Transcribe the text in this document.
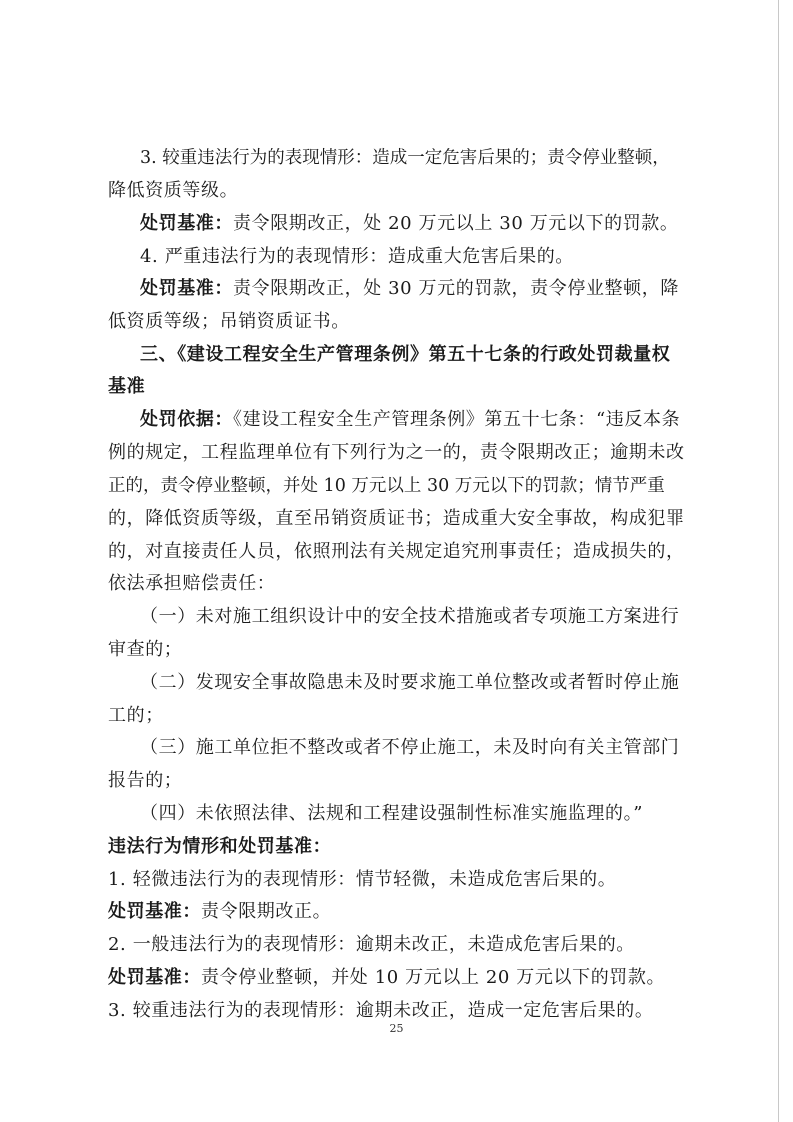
3. 较重违法行为的表现情形：造成一定危害后果的；责令停业整顿，
降低资质等级。
处罚基准：责令限期改正，处 20 万元以上 30 万元以下的罚款。
4. 严重违法行为的表现情形：造成重大危害后果的。
处罚基准：责令限期改正，处 30 万元的罚款，责令停业整顿，降
低资质等级；吊销资质证书。
三、《建设工程安全生产管理条例》第五十七条的行政处罚裁量权
基准
处罚依据：《建设工程安全生产管理条例》第五十七条：“违反本条
例的规定，工程监理单位有下列行为之一的，责令限期改正；逾期未改
正的，责令停业整顿，并处 10 万元以上 30 万元以下的罚款；情节严重
的，降低资质等级，直至吊销资质证书；造成重大安全事故，构成犯罪
的，对直接责任人员，依照刑法有关规定追究刑事责任；造成损失的，
依法承担赔偿责任：
（一）未对施工组织设计中的安全技术措施或者专项施工方案进行
审查的；
（二）发现安全事故隐患未及时要求施工单位整改或者暂时停止施
工的；
（三）施工单位拒不整改或者不停止施工，未及时向有关主管部门
报告的；
（四）未依照法律、法规和工程建设强制性标准实施监理的。”
违法行为情形和处罚基准：
1. 轻微违法行为的表现情形：情节轻微，未造成危害后果的。
处罚基准：责令限期改正。
2. 一般违法行为的表现情形：逾期未改正，未造成危害后果的。
处罚基准：责令停业整顿，并处 10 万元以上 20 万元以下的罚款。
3. 较重违法行为的表现情形：逾期未改正，造成一定危害后果的。
25
